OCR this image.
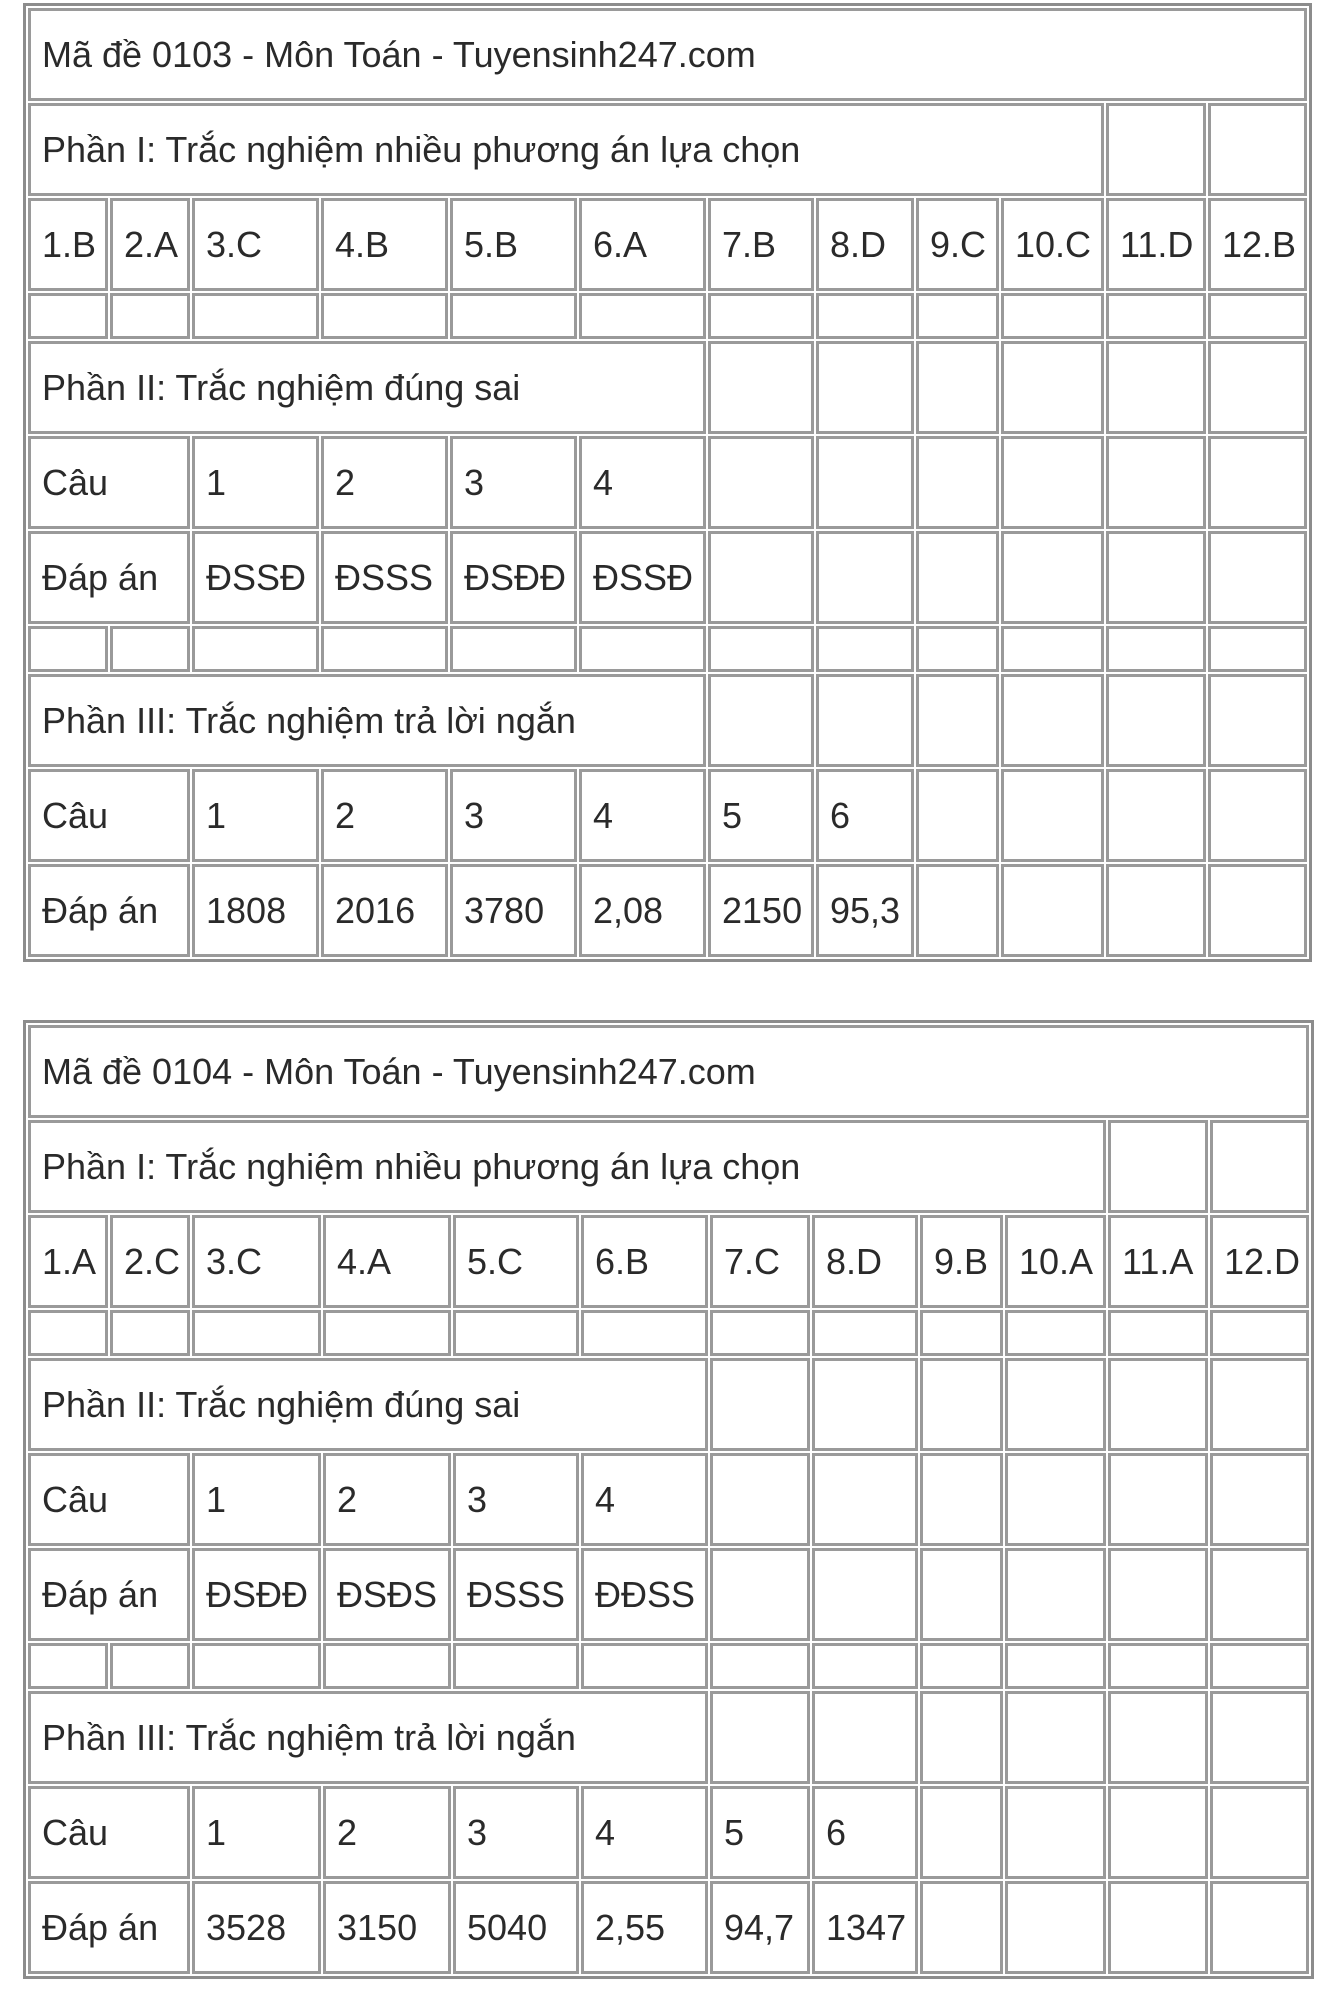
Mã đề 0103 - Môn Toán - Tuyensinh247.com											
Phần I: Trắc nghiệm nhiều phương án lựa chọn											
1.B	2.A	3.C	4.B	5.B	6.A	7.B	8.D	9.C	10.C	11.D	12.B

Phần II: Trắc nghiệm đúng sai											
Câu		1	2	3	4						
Đáp án		ĐSSĐ	ĐSSS	ĐSĐĐ	ĐSSĐ						

Phần III: Trắc nghiệm trả lời ngắn											
Câu		1	2	3	4	5	6				
Đáp án		1808	2016	3780	2,08	2150	95,3				
Mã đề 0104 - Môn Toán - Tuyensinh247.com											
Phần I: Trắc nghiệm nhiều phương án lựa chọn											
1.A	2.C	3.C	4.A	5.C	6.B	7.C	8.D	9.B	10.A	11.A	12.D

Phần II: Trắc nghiệm đúng sai											
Câu		1	2	3	4						
Đáp án		ĐSĐĐ	ĐSĐS	ĐSSS	ĐĐSS						

Phần III: Trắc nghiệm trả lời ngắn											
Câu		1	2	3	4	5	6				
Đáp án		3528	3150	5040	2,55	94,7	1347				
